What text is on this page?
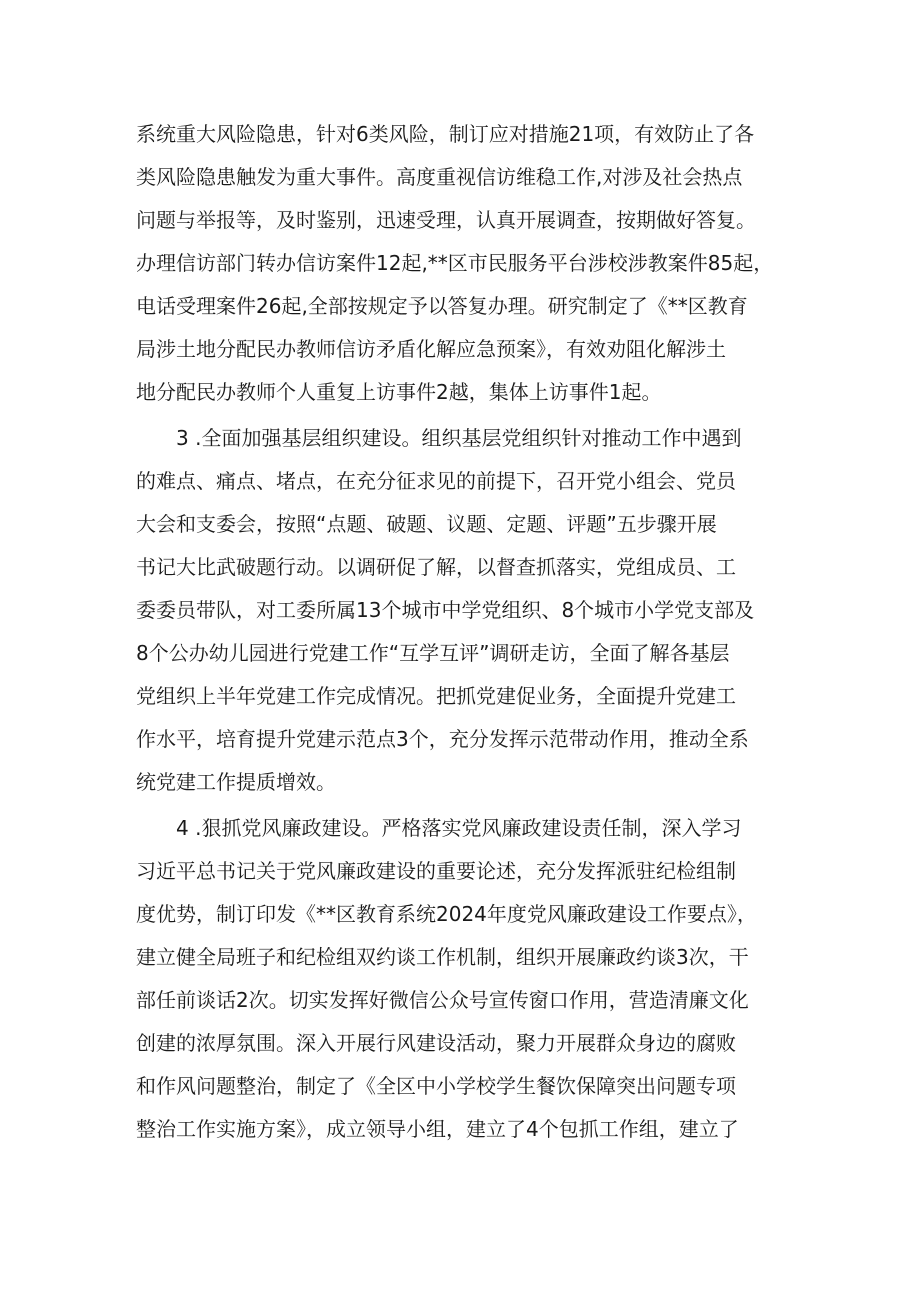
系统重大风险隐患，针对6类风险，制订应对措施21项，有效防止了各
类风险隐患触发为重大事件。高度重视信访维稳工作,对涉及社会热点
问题与举报等，及时鉴别，迅速受理，认真开展调查，按期做好答复。
办理信访部门转办信访案件12起,**区市民服务平台涉校涉教案件85起，
电话受理案件26起,全部按规定予以答复办理。研究制定了《**区教育
局涉土地分配民办教师信访矛盾化解应急预案》，有效劝阻化解涉土
地分配民办教师个人重复上访事件2越，集体上访事件1起。
3 .全面加强基层组织建设。组织基层党组织针对推动工作中遇到
的难点、痛点、堵点，在充分征求见的前提下，召开党小组会、党员
大会和支委会，按照“点题、破题、议题、定题、评题”五步骤开展
书记大比武破题行动。以调研促了解，以督查抓落实，党组成员、工
委委员带队，对工委所属13个城市中学党组织、8个城市小学党支部及
8个公办幼儿园进行党建工作“互学互评”调研走访，全面了解各基层
党组织上半年党建工作完成情况。把抓党建促业务，全面提升党建工
作水平，培育提升党建示范点3个，充分发挥示范带动作用，推动全系
统党建工作提质增效。
4 .狠抓党风廉政建设。严格落实党风廉政建设责任制，深入学习
习近平总书记关于党风廉政建设的重要论述，充分发挥派驻纪检组制
度优势，制订印发《**区教育系统2024年度党风廉政建设工作要点》，
建立健全局班子和纪检组双约谈工作机制，组织开展廉政约谈3次，干
部任前谈话2次。切实发挥好微信公众号宣传窗口作用，营造清廉文化
创建的浓厚氛围。深入开展行风建设活动，聚力开展群众身边的腐败
和作风问题整治，制定了《全区中小学校学生餐饮保障突出问题专项
整治工作实施方案》，成立领导小组，建立了4个包抓工作组，建立了
